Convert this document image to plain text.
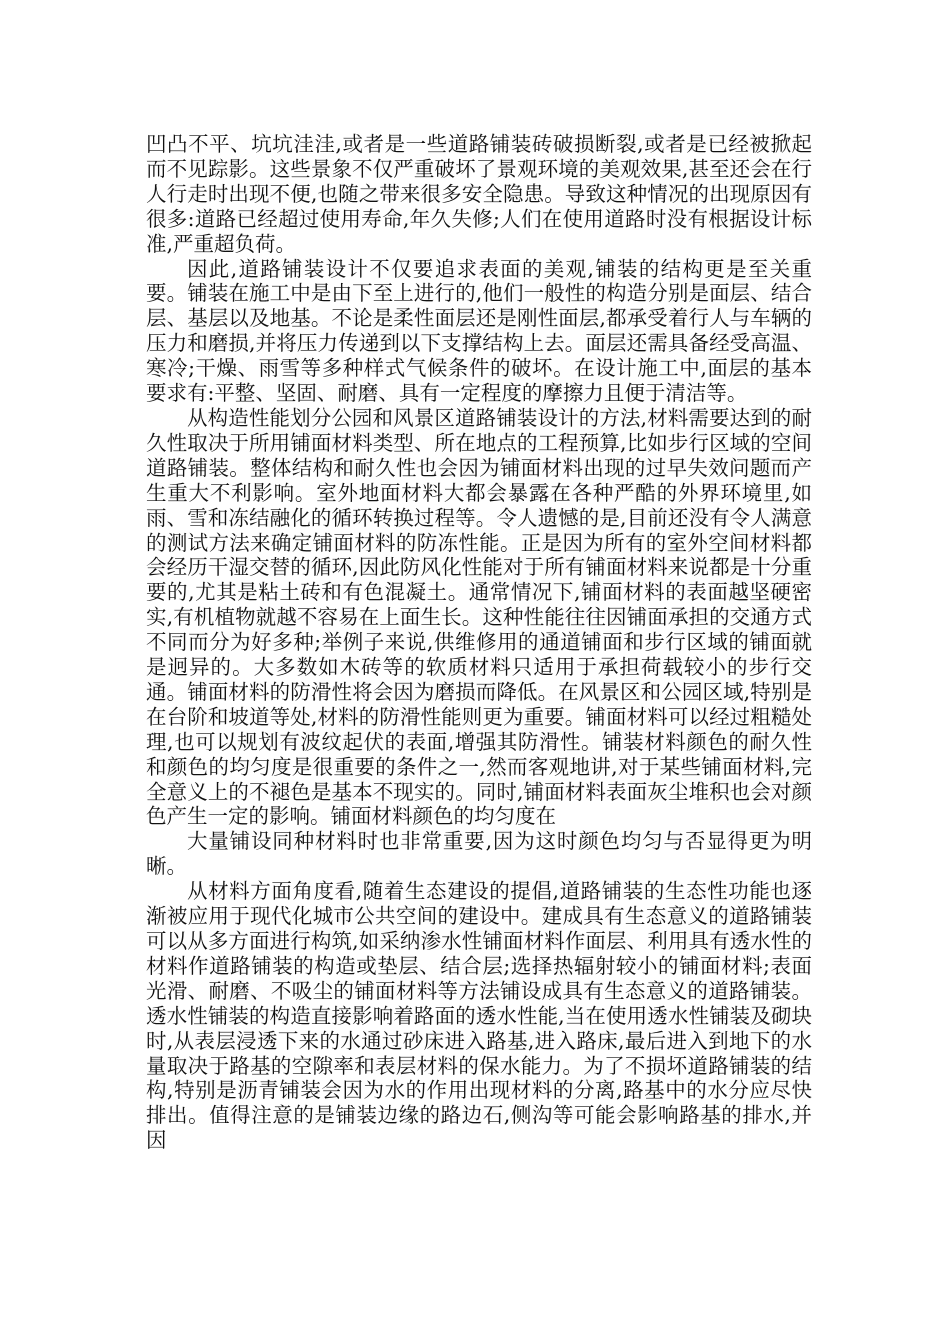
凹凸不平、坑坑洼洼,或者是一些道路铺装砖破损断裂,或者是已经被掀起而不见踪影。这些景象不仅严重破坏了景观环境的美观效果,甚至还会在行人行走时出现不便,也随之带来很多安全隐患。导致这种情况的出现原因有很多:道路已经超过使用寿命,年久失修;人们在使用道路时没有根据设计标准,严重超负荷。

因此,道路铺装设计不仅要追求表面的美观,铺装的结构更是至关重要。铺装在施工中是由下至上进行的,他们一般性的构造分别是面层、结合层、基层以及地基。不论是柔性面层还是刚性面层,都承受着行人与车辆的压力和磨损,并将压力传递到以下支撑结构上去。面层还需具备经受高温、寒冷;干燥、雨雪等多种样式气候条件的破坏。在设计施工中,面层的基本要求有:平整、坚固、耐磨、具有一定程度的摩擦力且便于清洁等。

从构造性能划分公园和风景区道路铺装设计的方法,材料需要达到的耐久性取决于所用铺面材料类型、所在地点的工程预算,比如步行区域的空间道路铺装。整体结构和耐久性也会因为铺面材料出现的过早失效问题而产生重大不利影响。室外地面材料大都会暴露在各种严酷的外界环境里,如雨、雪和冻结融化的循环转换过程等。令人遗憾的是,目前还没有令人满意的测试方法来确定铺面材料的防冻性能。正是因为所有的室外空间材料都会经历干湿交替的循环,因此防风化性能对于所有铺面材料来说都是十分重要的,尤其是粘土砖和有色混凝土。通常情况下,铺面材料的表面越坚硬密实,有机植物就越不容易在上面生长。这种性能往往因铺面承担的交通方式不同而分为好多种;举例子来说,供维修用的通道铺面和步行区域的铺面就是迥异的。大多数如木砖等的软质材料只适用于承担荷载较小的步行交通。铺面材料的防滑性将会因为磨损而降低。在风景区和公园区域,特别是在台阶和坡道等处,材料的防滑性能则更为重要。铺面材料可以经过粗糙处理,也可以规划有波纹起伏的表面,增强其防滑性。铺装材料颜色的耐久性和颜色的均匀度是很重要的条件之一,然而客观地讲,对于某些铺面材料,完全意义上的不褪色是基本不现实的。同时,铺面材料表面灰尘堆积也会对颜色产生一定的影响。铺面材料颜色的均匀度在

大量铺设同种材料时也非常重要,因为这时颜色均匀与否显得更为明晰。

从材料方面角度看,随着生态建设的提倡,道路铺装的生态性功能也逐渐被应用于现代化城市公共空间的建设中。建成具有生态意义的道路铺装可以从多方面进行构筑,如采纳渗水性铺面材料作面层、利用具有透水性的材料作道路铺装的构造或垫层、结合层;选择热辐射较小的铺面材料;表面光滑、耐磨、不吸尘的铺面材料等方法铺设成具有生态意义的道路铺装。透水性铺装的构造直接影响着路面的透水性能,当在使用透水性铺装及砌块时,从表层浸透下来的水通过砂床进入路基,进入路床,最后进入到地下的水量取决于路基的空隙率和表层材料的保水能力。为了不损坏道路铺装的结构,特别是沥青铺装会因为水的作用出现材料的分离,路基中的水分应尽快排出。值得注意的是铺装边缘的路边石,侧沟等可能会影响路基的排水,并因
